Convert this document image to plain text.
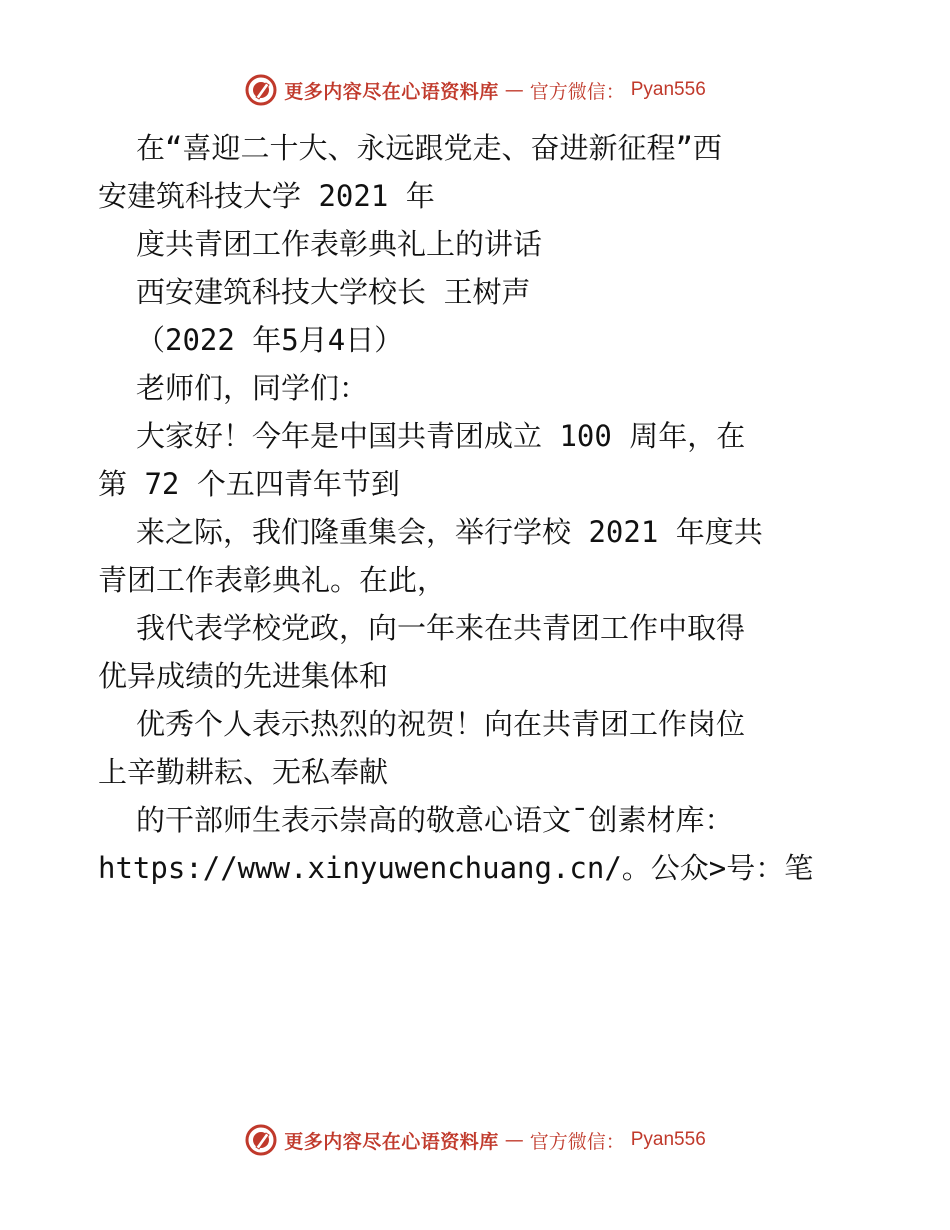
更多内容尽在心语资料库 — 官方微信： Pyan556
在“喜迎二十大、永远跟党走、奋进新征程”西
安建筑科技大学 2021 年
度共青团工作表彰典礼上的讲话
西安建筑科技大学校长 王树声
（2022 年5月4日）
老师们，同学们：
大家好！今年是中国共青团成立 100 周年，在
第 72 个五四青年节到
来之际，我们隆重集会，举行学校 2021 年度共
青团工作表彰典礼。在此，
我代表学校党政，向一年来在共青团工作中取得
优异成绩的先进集体和
优秀个人表示热烈的祝贺！向在共青团工作岗位
上辛勤耕耘、无私奉献
的干部师生表示崇高的敬意心语文¯创素材库：
https://www.xinyuwenchuang.cn/。公众>号：笔
更多内容尽在心语资料库 — 官方微信： Pyan556
